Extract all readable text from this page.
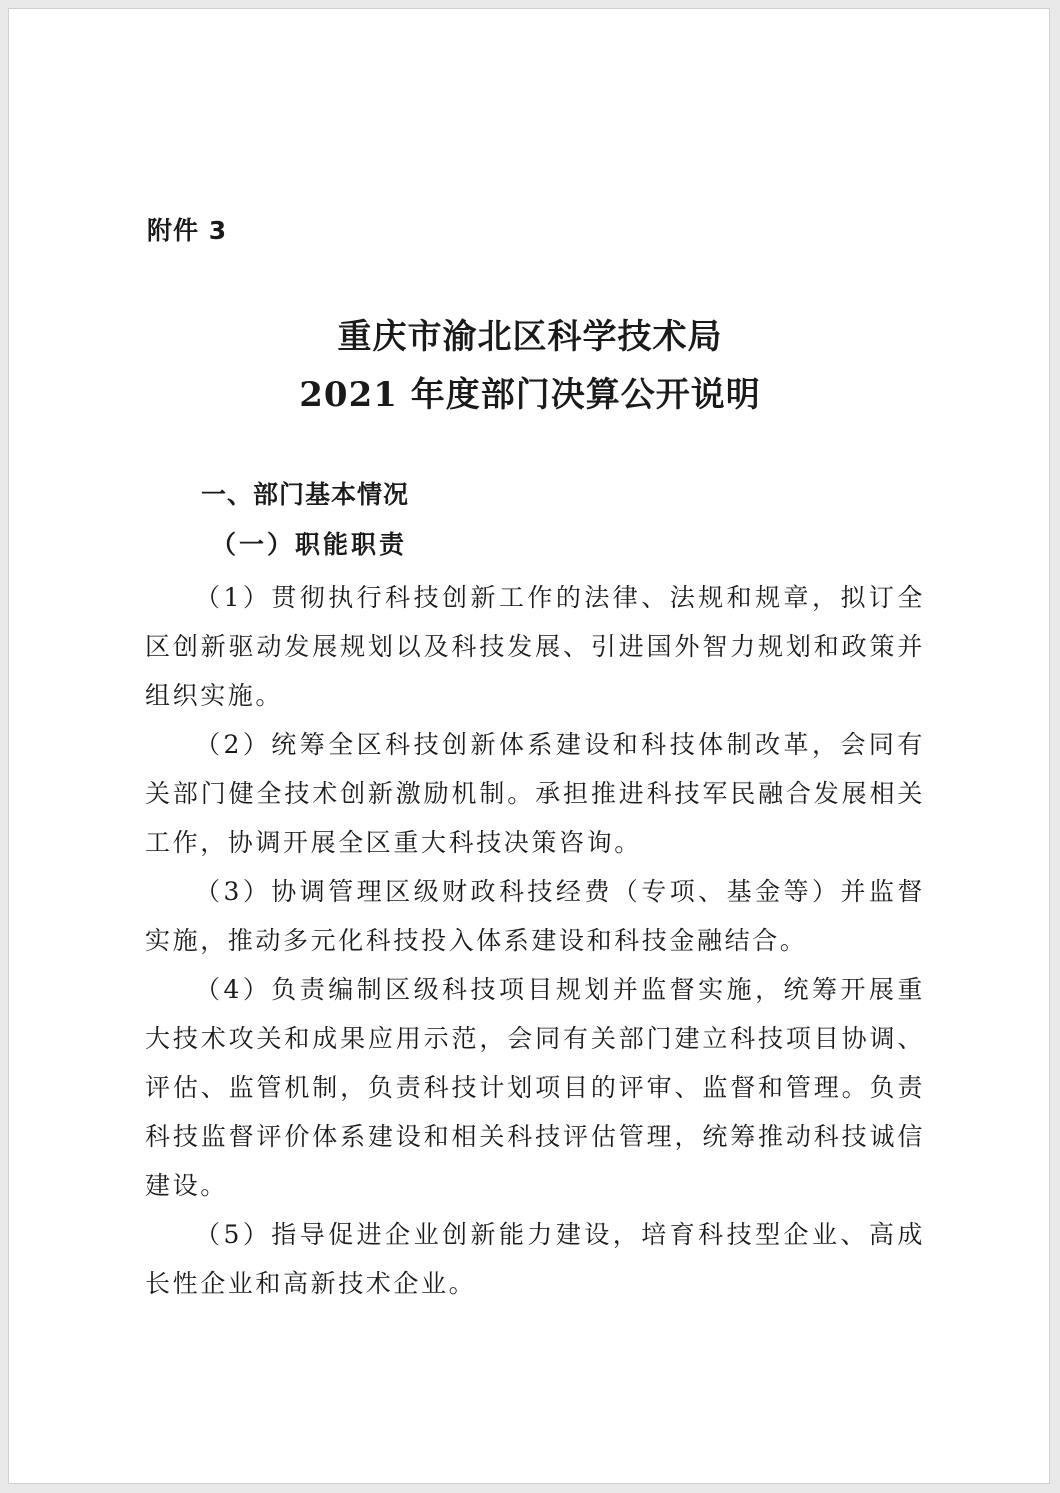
附件 3
重庆市渝北区科学技术局
2021 年度部门决算公开说明
一、部门基本情况
（一）职能职责

（1）贯彻执行科技创新工作的法律、法规和规章，拟订全区创新驱动发展规划以及科技发展、引进国外智力规划和政策并组织实施。

（2）统筹全区科技创新体系建设和科技体制改革，会同有关部门健全技术创新激励机制。承担推进科技军民融合发展相关工作，协调开展全区重大科技决策咨询。

（3）协调管理区级财政科技经费（专项、基金等）并监督实施，推动多元化科技投入体系建设和科技金融结合。

（4）负责编制区级科技项目规划并监督实施，统筹开展重大技术攻关和成果应用示范，会同有关部门建立科技项目协调、评估、监管机制，负责科技计划项目的评审、监督和管理。负责科技监督评价体系建设和相关科技评估管理，统筹推动科技诚信建设。

（5）指导促进企业创新能力建设，培育科技型企业、高成长性企业和高新技术企业。
